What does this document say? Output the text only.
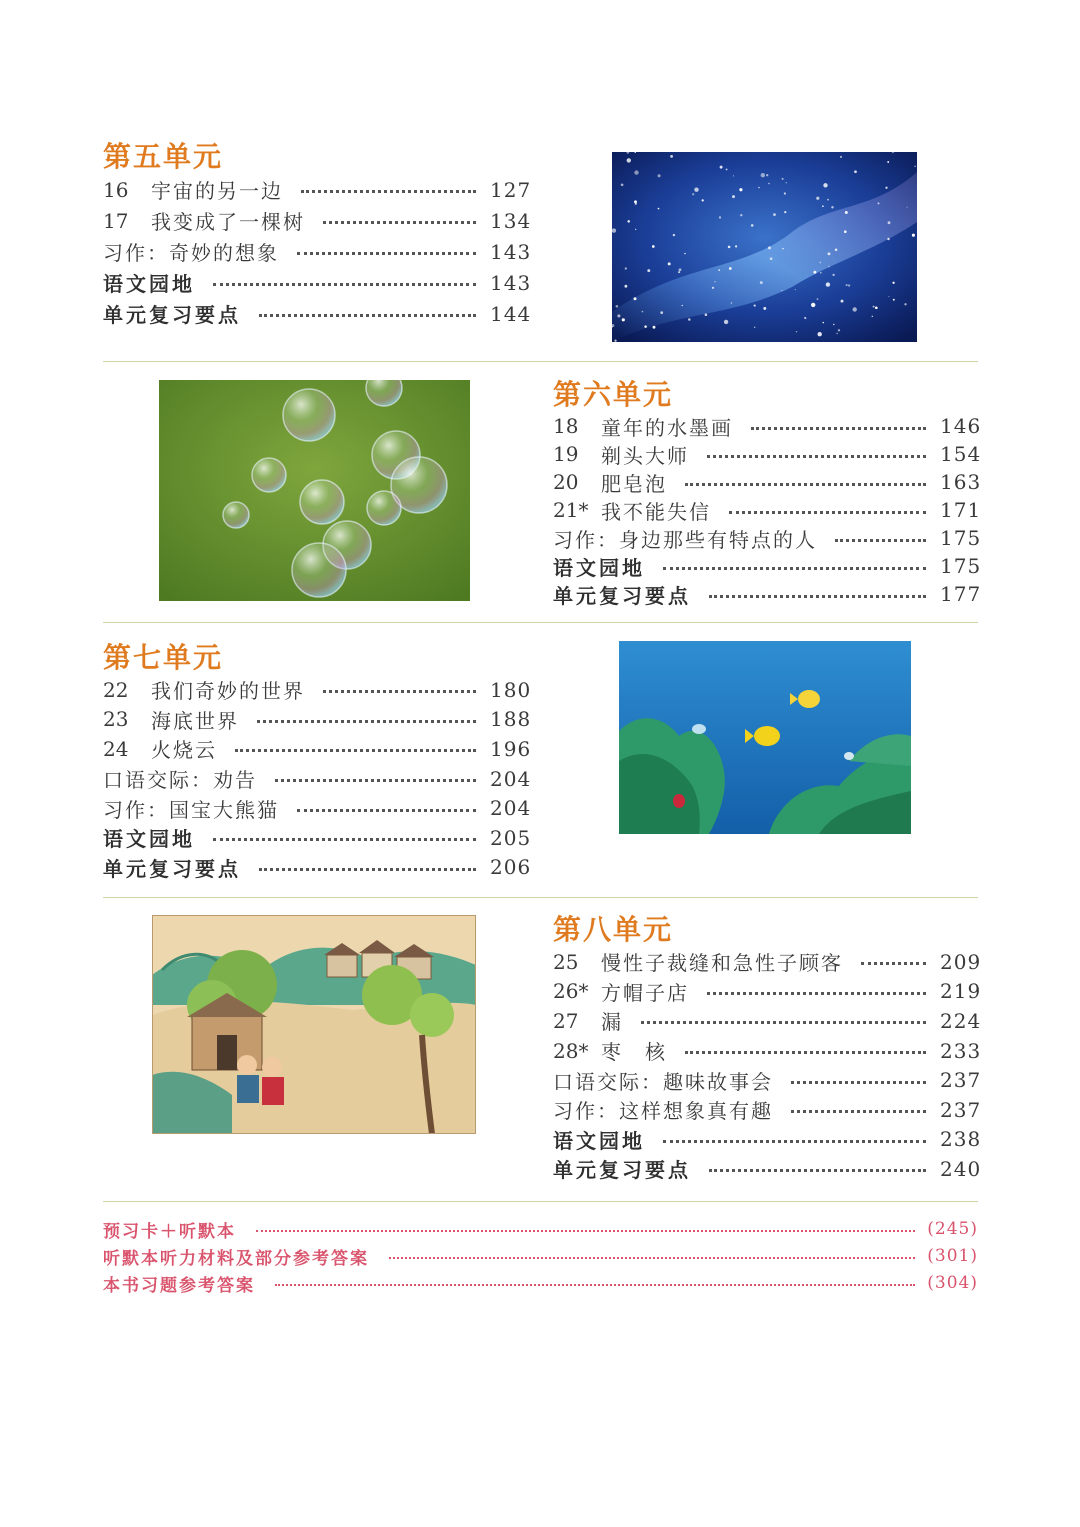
第五单元
16	宇宙的另一边	127
17	我变成了一棵树	134
习作：奇妙的想象	143
语文园地	143
单元复习要点	144
第六单元
18	童年的水墨画	146
19	剃头大师	154
20	肥皂泡	163
21* 我不能失信	171
习作：身边那些有特点的人	175
语文园地	175
单元复习要点	177
第七单元
22	我们奇妙的世界	180
23	海底世界	188
24	火烧云	196
口语交际：劝告	204
习作：国宝大熊猫	204
语文园地	205
单元复习要点	206
第八单元
25	慢性子裁缝和急性子顾客	209
26* 方帽子店	219
27	漏	224
28* 枣　核	233
口语交际：趣味故事会	237
习作：这样想象真有趣	237
语文园地	238
单元复习要点	240
预习卡＋听默本	(245)
听默本听力材料及部分参考答案	(301)
本书习题参考答案	(304)
